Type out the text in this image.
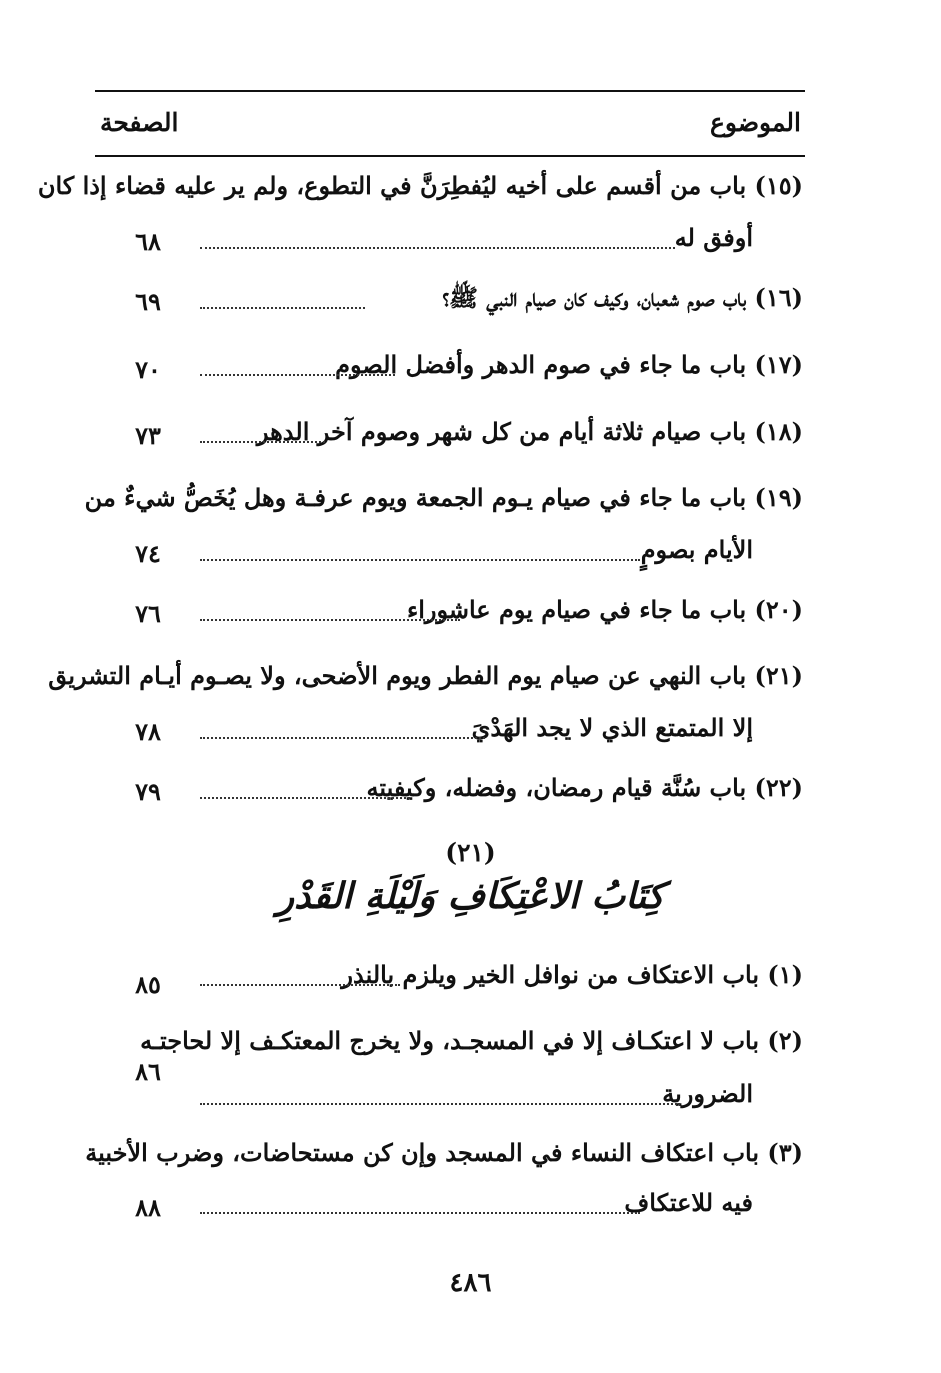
الموضوع
الصفحة
(١٥) باب من أقسم على أخيه ليُفطِرَنَّ في التطوع، ولم ير عليه قضاء إذا كان
أوفق له
٦٨
(١٦) باب صوم شعبان، وكيف كان صيام النبي ﷺ؟
٦٩
(١٧) باب ما جاء في صوم الدهر وأفضل الصوم
٧٠
(١٨) باب صيام ثلاثة أيام من كل شهر وصوم آخر الدهر
٧٣
(١٩) باب ما جاء في صيام يـوم الجمعة ويوم عرفـة وهل يُخَصُّ شيءٌ من
الأيام بصومٍ
٧٤
(٢٠) باب ما جاء في صيام يوم عاشوراء
٧٦
(٢١) باب النهي عن صيام يوم الفطر ويوم الأضحى، ولا يصـوم أيـام التشريق
إلا المتمتع الذي لا يجد الهَدْيَ
٧٨
(٢٢) باب سُنَّة قيام رمضان، وفضله، وكيفيته
٧٩
(٢١)
كِتَابُ الاعْتِكَافِ وَلَيْلَةِ القَدْرِ
(١) باب الاعتكاف من نوافل الخير ويلزم بالنذر
٨٥
(٢) باب لا اعتكـاف إلا في المسجـد، ولا يخرج المعتكـف إلا لحاجتـه
الضرورية
٨٦
(٣) باب اعتكاف النساء في المسجد وإن كن مستحاضات، وضرب الأخبية
فيه للاعتكاف
٨٨
٤٨٦
